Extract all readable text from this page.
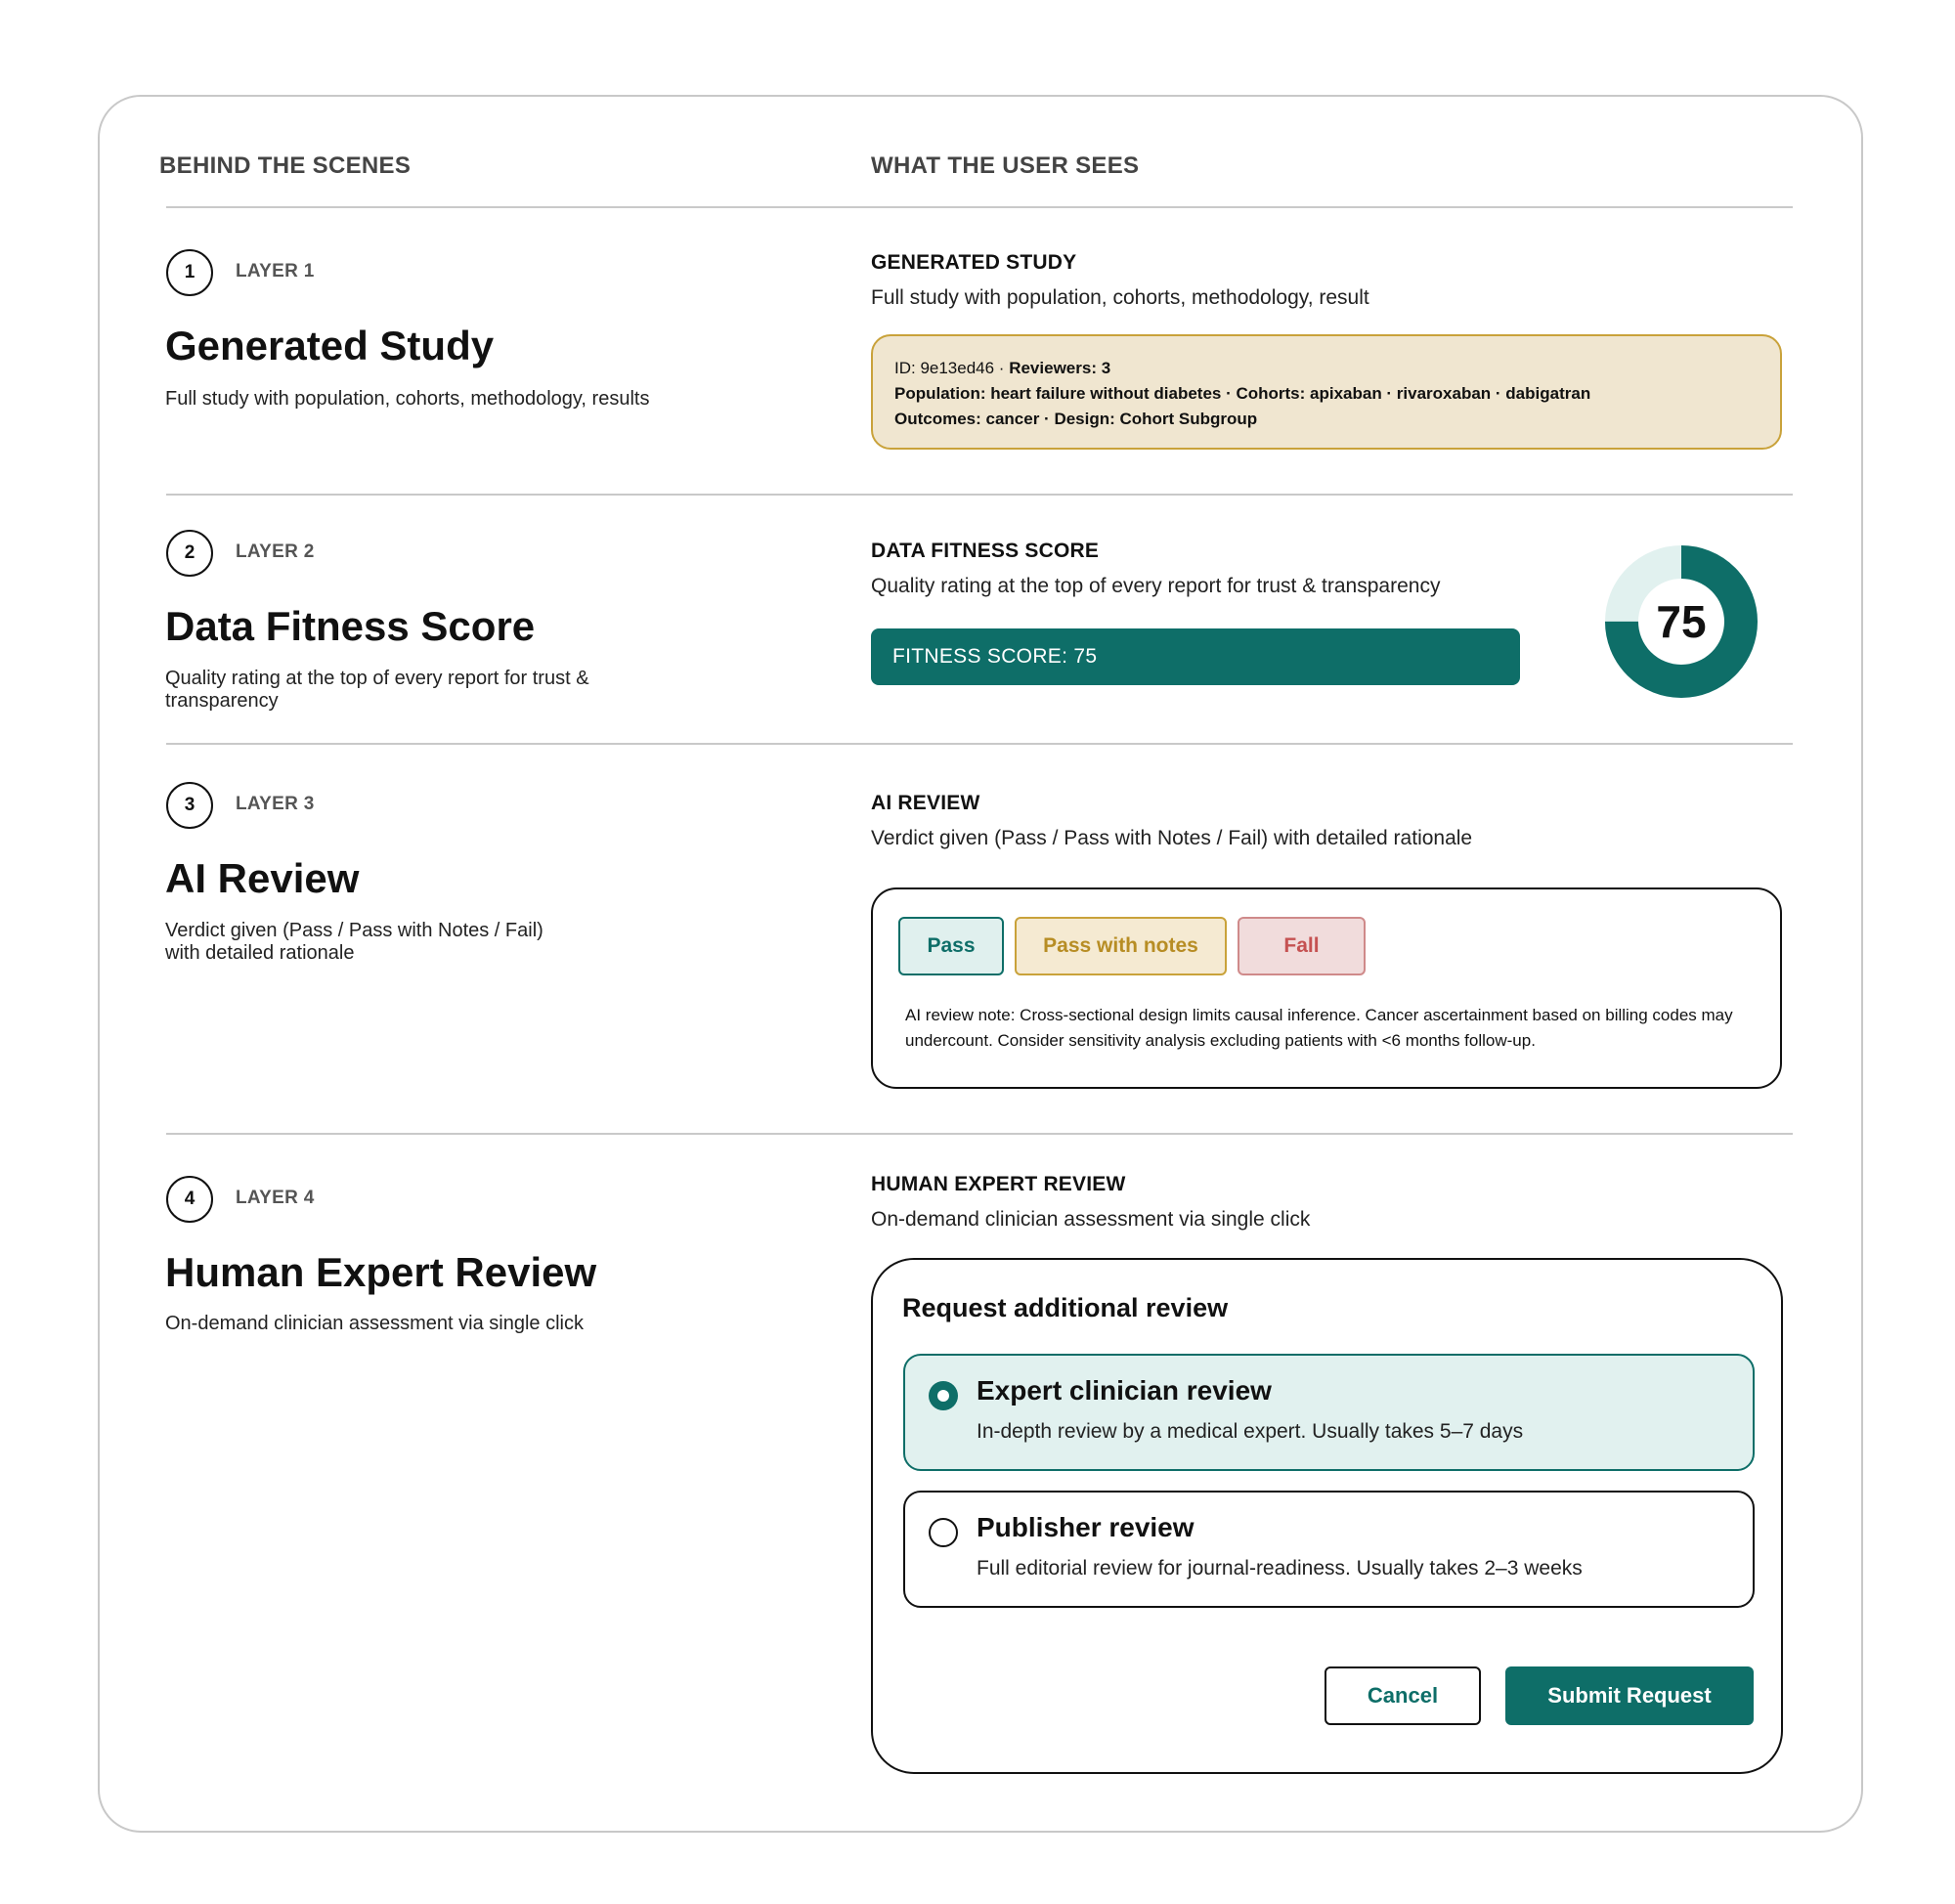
BEHIND THE SCENES	WHAT THE USER SEES
1	LAYER 1
Generated Study
Full study with population, cohorts, methodology, results
GENERATED STUDY
Full study with population, cohorts, methodology, result
ID: 9e13ed46 · Reviewers: 3
Population: heart failure without diabetes · Cohorts: apixaban · rivaroxaban · dabigatran
Outcomes: cancer · Design: Cohort Subgroup
2	LAYER 2
Data Fitness Score
Quality rating at the top of every report for trust & transparency
DATA FITNESS SCORE
Quality rating at the top of every report for trust & transparency
FITNESS SCORE: 75
75
3	LAYER 3
AI Review
Verdict given (Pass / Pass with Notes / Fail)
with detailed rationale
AI REVIEW
Verdict given (Pass / Pass with Notes / Fail) with detailed rationale
Pass	Pass with notes	Fall
AI review note: Cross-sectional design limits causal inference. Cancer ascertainment based on billing codes may undercount. Consider sensitivity analysis excluding patients with <6 months follow-up.
4	LAYER 4
Human Expert Review
On-demand clinician assessment via single click
HUMAN EXPERT REVIEW
On-demand clinician assessment via single click
Request additional review
Expert clinician review
In-depth review by a medical expert. Usually takes 5–7 days
Publisher review
Full editorial review for journal-readiness. Usually takes 2–3 weeks
Cancel	Submit Request
